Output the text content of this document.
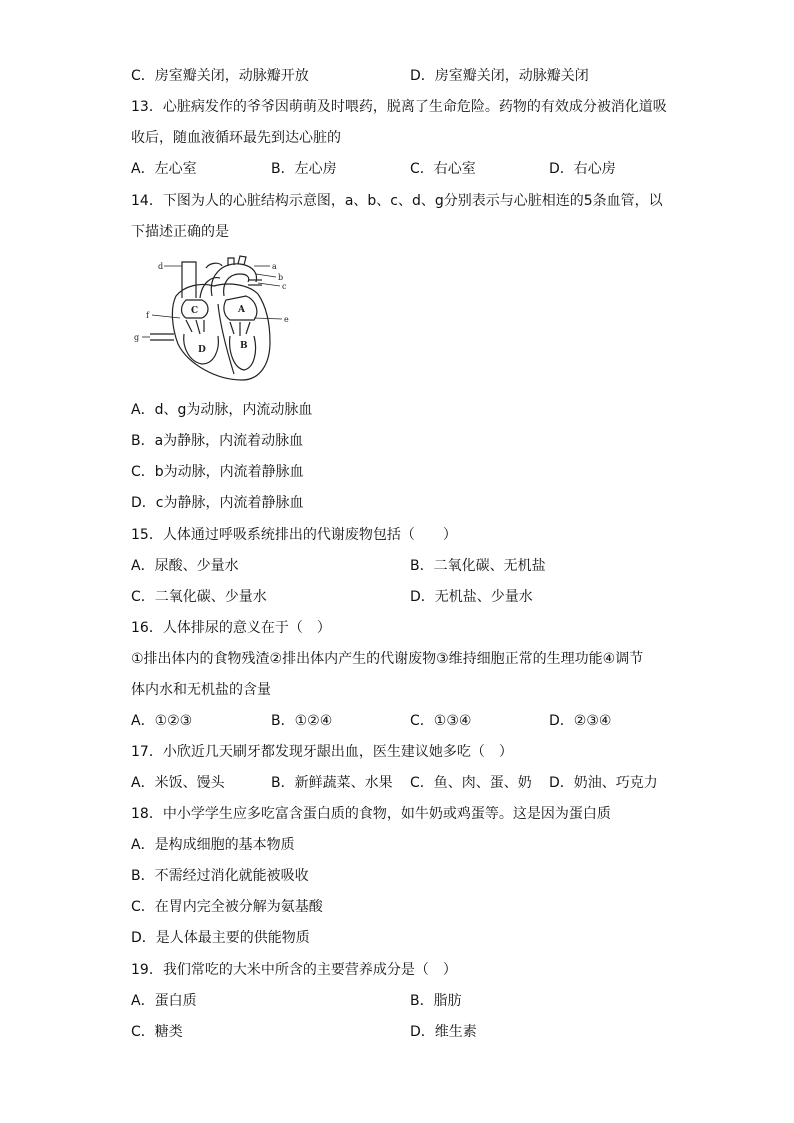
C．房室瓣关闭，动脉瓣开放	D．房室瓣关闭，动脉瓣关闭
13．心脏病发作的爷爷因萌萌及时喂药，脱离了生命危险。药物的有效成分被消化道吸
收后，随血液循环最先到达心脏的
A．左心室	B．左心房	C．右心室	D．右心房
14．下图为人的心脏结构示意图，a、b、c、d、g分别表示与心脏相连的5条血管，以
下描述正确的是
d	a
b
c
f	e
g
C	A
D	B
A．d、g为动脉，内流动脉血
B．a为静脉，内流着动脉血
C．b为动脉，内流着静脉血
D．c为静脉，内流着静脉血
15．人体通过呼吸系统排出的代谢废物包括（　　）
A．尿酸、少量水	B．二氧化碳、无机盐
C．二氧化碳、少量水	D．无机盐、少量水
16．人体排尿的意义在于（　）
①排出体内的食物残渣②排出体内产生的代谢废物③维持细胞正常的生理功能④调节
体内水和无机盐的含量
A．①②③	B．①②④	C．①③④	D．②③④
17．小欣近几天刷牙都发现牙龈出血，医生建议她多吃（　）
A．米饭、馒头	B．新鲜蔬菜、水果 C．鱼、肉、蛋、奶 D．奶油、巧克力
18．中小学学生应多吃富含蛋白质的食物，如牛奶或鸡蛋等。这是因为蛋白质
A．是构成细胞的基本物质
B．不需经过消化就能被吸收
C．在胃内完全被分解为氨基酸
D．是人体最主要的供能物质
19．我们常吃的大米中所含的主要营养成分是（　）
A．蛋白质	B．脂肪
C．糖类	D．维生素
